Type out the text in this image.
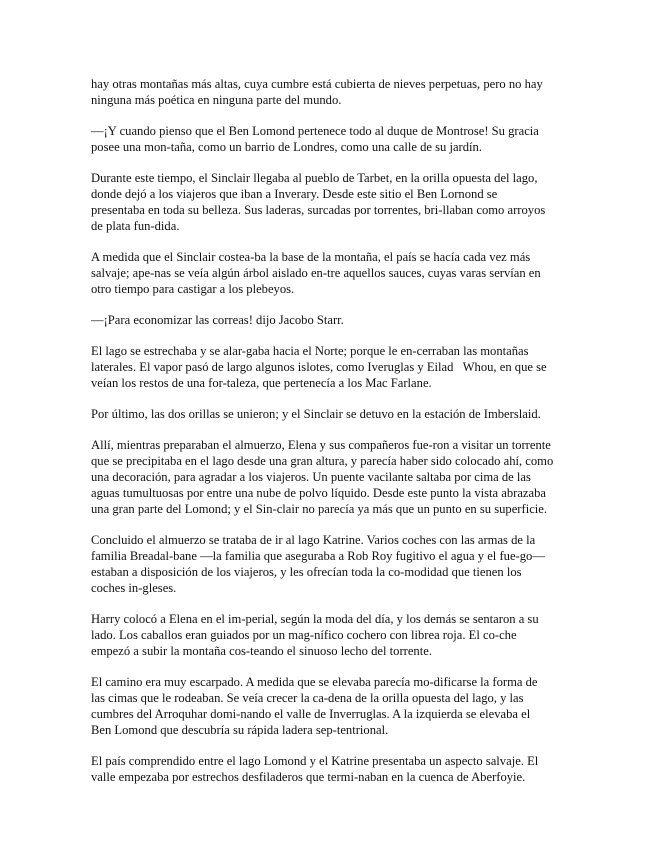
hay otras montañas más altas, cuya cumbre está cubierta de nieves perpetuas, pero no hay
ninguna más poética en ninguna parte del mundo.

—¡Y cuando pienso que el Ben Lomond pertenece todo al duque de Montrose! Su gracia
posee una mon-taña, como un barrio de Londres, como una calle de su jardín.

Durante este tiempo, el Sinclair llegaba al pueblo de Tarbet, en la orilla opuesta del lago,
donde dejó a los viajeros que iban a Inverary. Desde este sitio el Ben Lornond se
presentaba en toda su belleza. Sus laderas, surcadas por torrentes, bri-llaban como arroyos
de plata fun-dida.

A medida que el Sinclair costea-ba la base de la montaña, el país se hacía cada vez más
salvaje; ape-nas se veía algún árbol aislado en-tre aquellos sauces, cuyas varas servían en
otro tiempo para castigar a los plebeyos.

—¡Para economizar las correas! dijo Jacobo Starr.

El lago se estrechaba y se alar-gaba hacia el Norte; porque le en-cerraban las montañas
laterales. El vapor pasó de largo algunos islotes, como Iveruglas y Eilad   Whou, en que se
veían los restos de una for-taleza, que pertenecía a los Mac Farlane.

Por último, las dos orillas se unieron; y el Sinclair se detuvo en la estación de Imberslaid.

Allí, mientras preparaban el almuerzo, Elena y sus compañeros fue-ron a visitar un torrente
que se precipitaba en el lago desde una gran altura, y parecía haber sido colocado ahí, como
una decoración, para agradar a los viajeros. Un puente vacilante saltaba por cima de las
aguas tumultuosas por entre una nube de polvo líquido. Desde este punto la vista abrazaba
una gran parte del Lomond; y el Sin-clair no parecía ya más que un punto en su superficie.

Concluido el almuerzo se trataba de ir al lago Katrine. Varios coches con las armas de la
familia Breadal-bane —la familia que aseguraba a Rob Roy fugitivo el agua y el fue-go—
estaban a disposición de los viajeros, y les ofrecían toda la co-modidad que tienen los
coches in-gleses.

Harry colocó a Elena en el im-perial, según la moda del día, y los demás se sentaron a su
lado. Los caballos eran guiados por un mag-nífico cochero con librea roja. El co-che
empezó a subir la montaña cos-teando el sinuoso lecho del torrente.

El camino era muy escarpado. A medida que se elevaba parecía mo-dificarse la forma de
las cimas que le rodeaban. Se veía crecer la ca-dena de la orilla opuesta del lago, y las
cumbres del Arroquhar domi-nando el valle de Inverruglas. A la izquierda se elevaba el
Ben Lomond que descubría su rápida ladera sep-tentrional.

El país comprendido entre el lago Lomond y el Katrine presentaba un aspecto salvaje. El
valle empezaba por estrechos desfiladeros que termi-naban en la cuenca de Aberfoyie.
